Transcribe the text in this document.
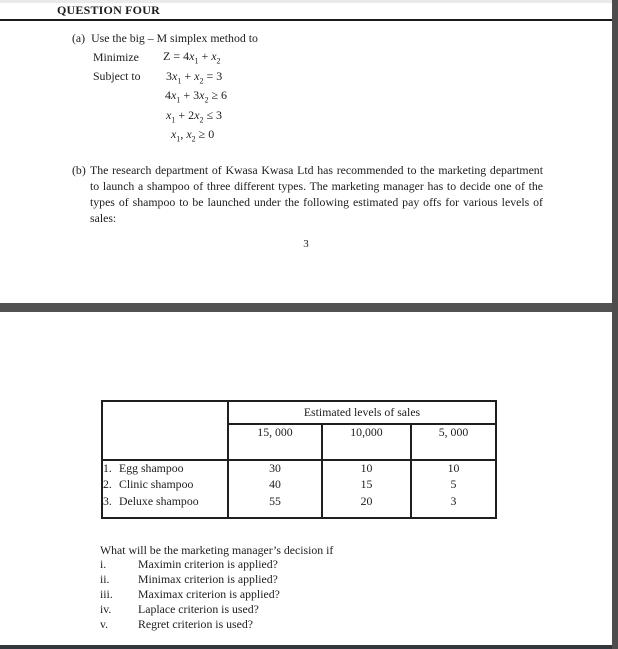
QUESTION FOUR
(a) Use the big – M simplex method to
Minimize $Z = 4x_1 + x_2$
Subject to $3x_1 + x_2 = 3$
$4x_1 + 3x_2 \ge 6$
$x_1 + 2x_2 \le 3$
$x_1$, $x_2 \ge 0$
(b) The research department of Kwasa Kwasa Ltd has recommended to the marketing department to launch a shampoo of three different types. The marketing manager has to decide one of the types of shampoo to be launched under the following estimated pay offs for various levels of sales:
3
	Estimated levels of sales		
	15, 000	10,000	5, 000
1. Egg shampoo	30	10	10
2. Clinic shampoo	40	15	5
3. Deluxe shampoo	55	20	3
What will be the marketing manager’s decision if
i.	Maximin criterion is applied?
ii.	Minimax criterion is applied?
iii.	Maximax criterion is applied?
iv.	Laplace criterion is used?
v.	Regret criterion is used?
